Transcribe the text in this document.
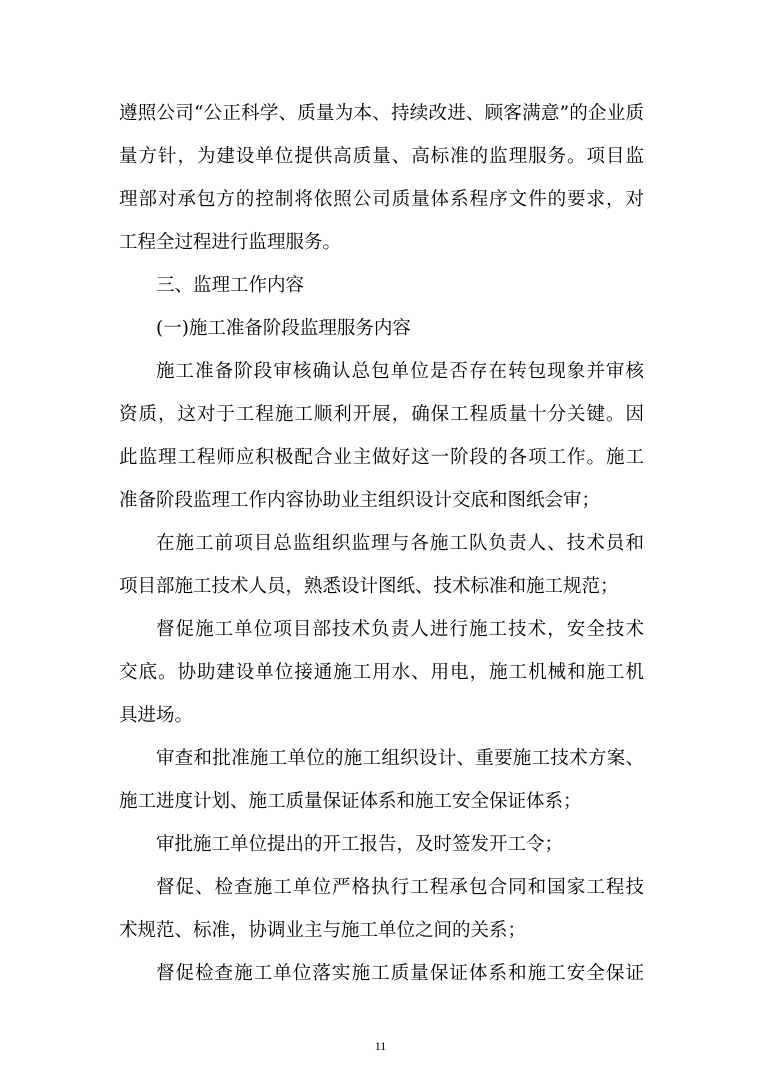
遵照公司“公正科学、质量为本、持续改进、顾客满意”的企业质
量方针，为建设单位提供高质量、高标准的监理服务。项目监
理部对承包方的控制将依照公司质量体系程序文件的要求，对
工程全过程进行监理服务。
三、监理工作内容
(一)施工准备阶段监理服务内容
施工准备阶段审核确认总包单位是否存在转包现象并审核
资质，这对于工程施工顺利开展，确保工程质量十分关键。因
此监理工程师应积极配合业主做好这一阶段的各项工作。施工
准备阶段监理工作内容协助业主组织设计交底和图纸会审；
在施工前项目总监组织监理与各施工队负责人、技术员和
项目部施工技术人员，熟悉设计图纸、技术标准和施工规范；
督促施工单位项目部技术负责人进行施工技术，安全技术
交底。协助建设单位接通施工用水、用电，施工机械和施工机
具进场。
审查和批准施工单位的施工组织设计、重要施工技术方案、
施工进度计划、施工质量保证体系和施工安全保证体系；
审批施工单位提出的开工报告，及时签发开工令；
督促、检查施工单位严格执行工程承包合同和国家工程技
术规范、标准，协调业主与施工单位之间的关系；
督促检查施工单位落实施工质量保证体系和施工安全保证
11
